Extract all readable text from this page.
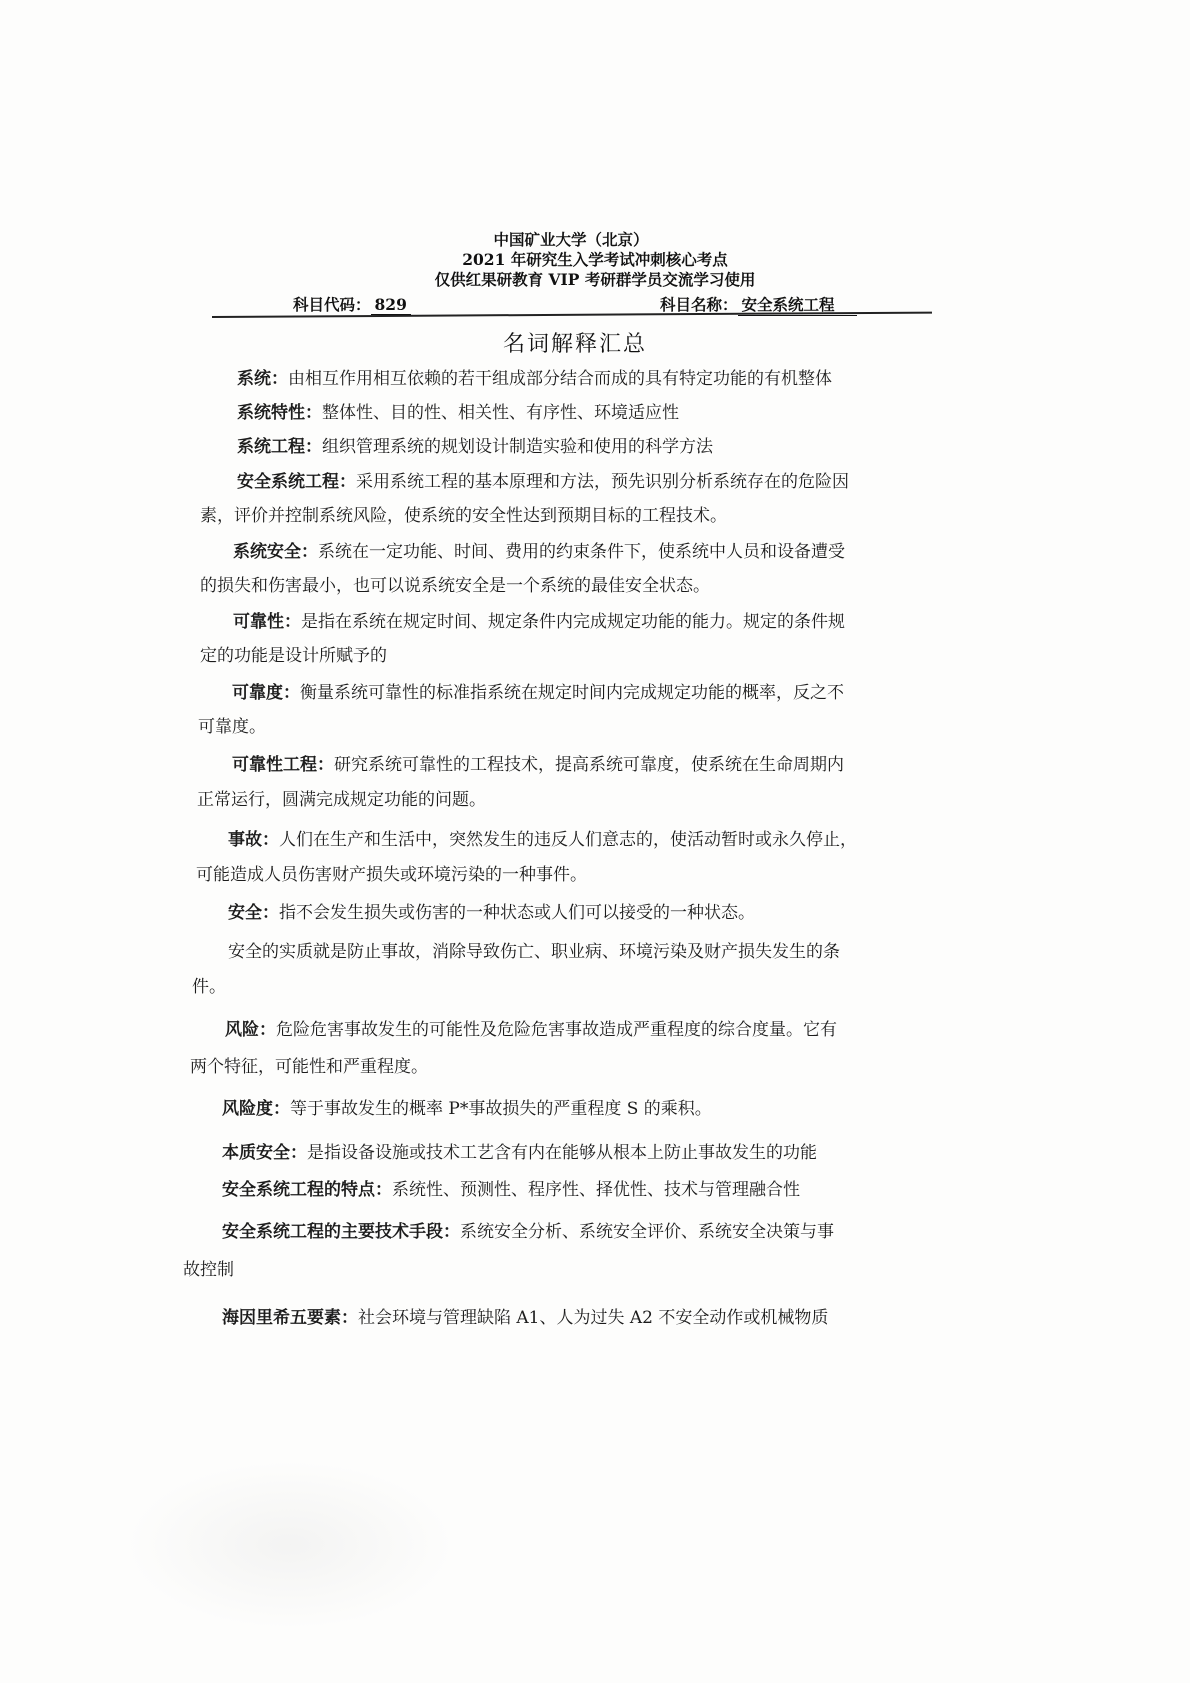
中国矿业大学（北京）
2021 年研究生入学考试冲刺核心考点
仅供红果研教育 VIP 考研群学员交流学习使用
科目代码： 829	科目名称： 安全系统工程
名词解释汇总
系统：由相互作用相互依赖的若干组成部分结合而成的具有特定功能的有机整体
系统特性：整体性、目的性、相关性、有序性、环境适应性
系统工程：组织管理系统的规划设计制造实验和使用的科学方法
安全系统工程：采用系统工程的基本原理和方法，预先识别分析系统存在的危险因
素，评价并控制系统风险，使系统的安全性达到预期目标的工程技术。
系统安全：系统在一定功能、时间、费用的约束条件下，使系统中人员和设备遭受
的损失和伤害最小，也可以说系统安全是一个系统的最佳安全状态。
可靠性：是指在系统在规定时间、规定条件内完成规定功能的能力。规定的条件规
定的功能是设计所赋予的
可靠度：衡量系统可靠性的标准指系统在规定时间内完成规定功能的概率，反之不
可靠度。
可靠性工程：研究系统可靠性的工程技术，提高系统可靠度，使系统在生命周期内
正常运行，圆满完成规定功能的问题。
事故：人们在生产和生活中，突然发生的违反人们意志的，使活动暂时或永久停止，
可能造成人员伤害财产损失或环境污染的一种事件。
安全：指不会发生损失或伤害的一种状态或人们可以接受的一种状态。
安全的实质就是防止事故，消除导致伤亡、职业病、环境污染及财产损失发生的条
件。
风险：危险危害事故发生的可能性及危险危害事故造成严重程度的综合度量。它有
两个特征，可能性和严重程度。
风险度：等于事故发生的概率 P*事故损失的严重程度 S 的乘积。
本质安全：是指设备设施或技术工艺含有内在能够从根本上防止事故发生的功能
安全系统工程的特点：系统性、预测性、程序性、择优性、技术与管理融合性
安全系统工程的主要技术手段：系统安全分析、系统安全评价、系统安全决策与事
故控制
海因里希五要素：社会环境与管理缺陷 A1、人为过失 A2 不安全动作或机械物质
